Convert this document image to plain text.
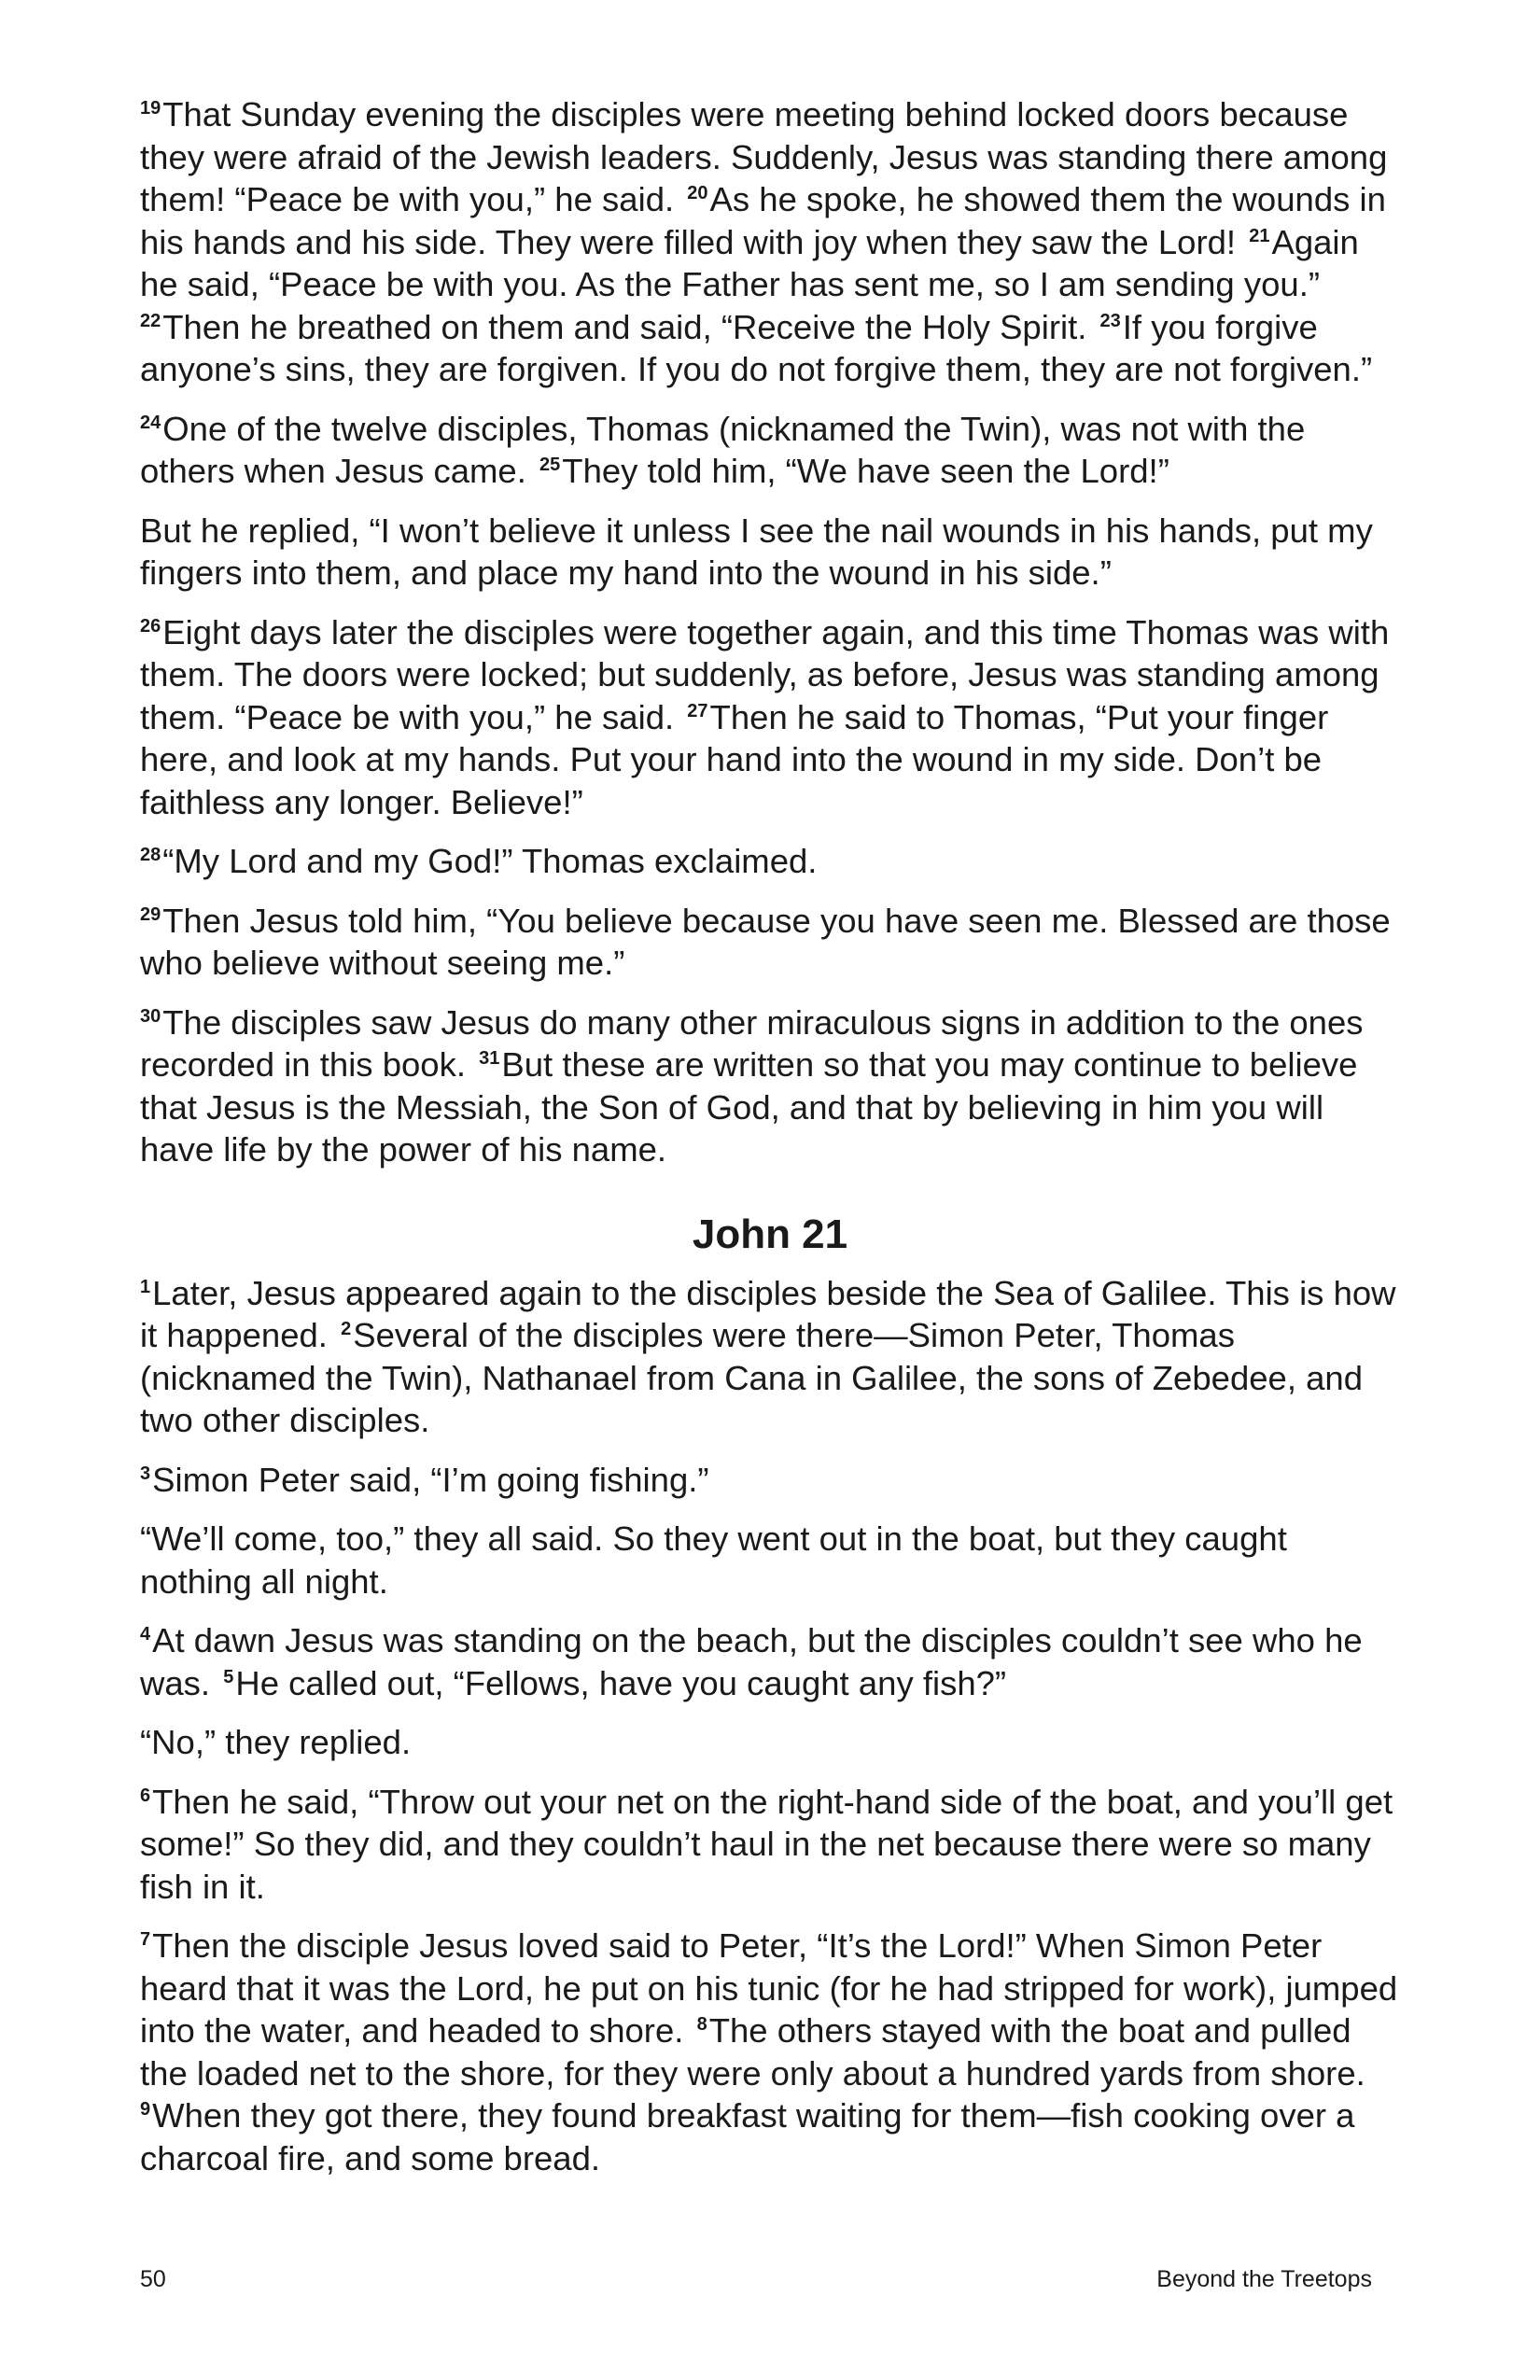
$^{19}$That Sunday evening the disciples were meeting behind locked doors because they were afraid of the Jewish leaders. Suddenly, Jesus was standing there among them! “Peace be with you,” he said. $^{20}$As he spoke, he showed them the wounds in his hands and his side. They were filled with joy when they saw the Lord! $^{21}$Again he said, “Peace be with you. As the Father has sent me, so I am sending you.” $^{22}$Then he breathed on them and said, “Receive the Holy Spirit. $^{23}$If you forgive anyone’s sins, they are forgiven. If you do not forgive them, they are not forgiven.”

$^{24}$One of the twelve disciples, Thomas (nicknamed the Twin), was not with the others when Jesus came. $^{25}$They told him, “We have seen the Lord!”

But he replied, “I won’t believe it unless I see the nail wounds in his hands, put my fingers into them, and place my hand into the wound in his side.”

$^{26}$Eight days later the disciples were together again, and this time Thomas was with them. The doors were locked; but suddenly, as before, Jesus was standing among them. “Peace be with you,” he said. $^{27}$Then he said to Thomas, “Put your finger here, and look at my hands. Put your hand into the wound in my side. Don’t be faithless any longer. Believe!”

$^{28}$“My Lord and my God!” Thomas exclaimed.

$^{29}$Then Jesus told him, “You believe because you have seen me. Blessed are those who believe without seeing me.”

$^{30}$The disciples saw Jesus do many other miraculous signs in addition to the ones recorded in this book. $^{31}$But these are written so that you may continue to believe that Jesus is the Messiah, the Son of God, and that by believing in him you will have life by the power of his name.

John 21

$^1$Later, Jesus appeared again to the disciples beside the Sea of Galilee. This is how it happened. $^2$Several of the disciples were there—Simon Peter, Thomas (nicknamed the Twin), Nathanael from Cana in Galilee, the sons of Zebedee, and two other disciples.

$^3$Simon Peter said, “I’m going fishing.”

“We’ll come, too,” they all said. So they went out in the boat, but they caught nothing all night.

$^4$At dawn Jesus was standing on the beach, but the disciples couldn’t see who he was. $^5$He called out, “Fellows, have you caught any fish?”

“No,” they replied.

$^6$Then he said, “Throw out your net on the right-hand side of the boat, and you’ll get some!” So they did, and they couldn’t haul in the net because there were so many fish in it.

$^7$Then the disciple Jesus loved said to Peter, “It’s the Lord!” When Simon Peter heard that it was the Lord, he put on his tunic (for he had stripped for work), jumped into the water, and headed to shore. $^8$The others stayed with the boat and pulled the loaded net to the shore, for they were only about a hundred yards from shore. $^9$When they got there, they found breakfast waiting for them—fish cooking over a charcoal fire, and some bread.

50	Beyond the Treetops
